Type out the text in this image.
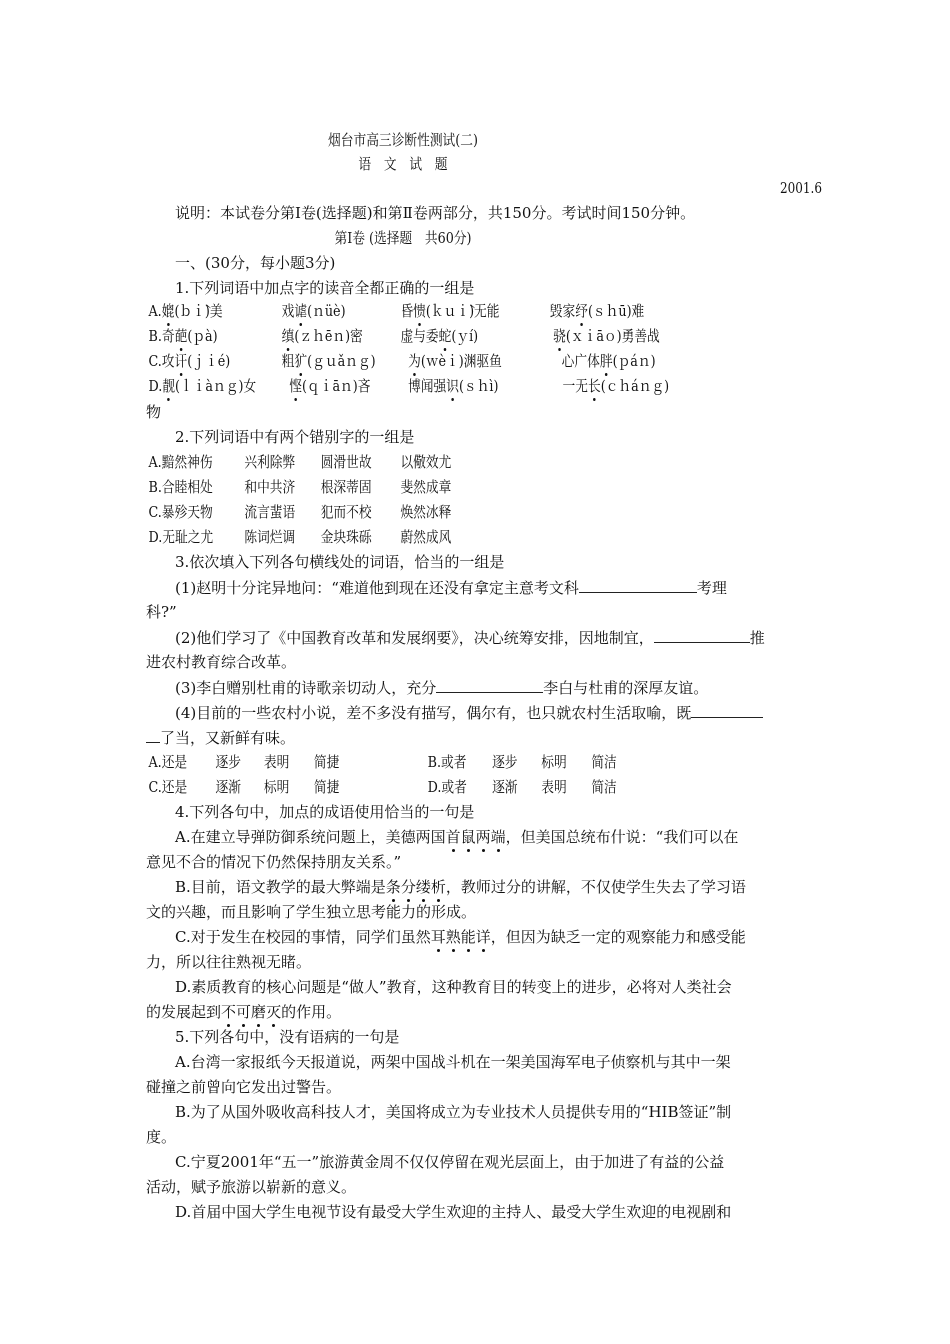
烟台市高三诊断性测试(二)
语　文　试　题
2001.6
说明：本试卷分第Ⅰ卷(选择题)和第Ⅱ卷两部分，共150分。考试时间150分钟。
第Ⅰ卷 (选择题　共60分)
一、(30分，每小题3分)
1.下列词语中加点字的读音全都正确的一组是
A.媲(ｂｉ̀)美	戏谑(ｎüè)	昏愦(ｋｕｉ̀)无能	毁家纾(ｓｈū)难
B.奇葩(ｐà)	缜(ｚｈēｎ)密	虚与委蛇(ｙí)	骁(ｘｉāｏ)勇善战
C.攻讦(ｊｉé)	粗犷(ｇｕǎｎｇ) 为(ｗèｉ)渊驱鱼	心广体胖(ｐáｎ)
D.靓(ｌｉàｎｇ)女 悭(ｑｉāｎ)吝	博闻强识(ｓｈì)	一无长(ｃｈáｎｇ)
物
2.下列词语中有两个错别字的一组是
A.黯然神伤 兴利除弊 圆滑世故 以儆效尤
B.合睦相处 和中共济 根深蒂固 斐然成章
C.暴殄天物 流言蜚语 犯而不校 焕然冰释
D.无耻之尤 陈词烂调 金块珠砾 蔚然成风
3.依次填入下列各句横线处的词语，恰当的一组是
(1)赵明十分诧异地问：“难道他到现在还没有拿定主意考文科	考理
科?”
(2)他们学习了《中国教育改革和发展纲要》，决心统筹安排，因地制宜，	推
进农村教育综合改革。
(3)李白赠别杜甫的诗歌亲切动人，充分	李白与杜甫的深厚友谊。
(4)目前的一些农村小说，差不多没有描写，偶尔有，也只就农村生活取喻，既
了当，又新鲜有味。
A.还是 逐步 表明 简捷	B.或者 逐步 标明 简洁
C.还是 逐渐 标明 简捷	D.或者 逐渐 表明 简洁
4.下列各句中，加点的成语使用恰当的一句是
A.在建立导弹防御系统问题上，美德两国首鼠两端，但美国总统布什说：“我们可以在
意见不合的情况下仍然保持朋友关系。”
B.目前，语文教学的最大弊端是条分缕析，教师过分的讲解，不仅使学生失去了学习语
文的兴趣，而且影响了学生独立思考能力的形成。
C.对于发生在校园的事情，同学们虽然耳熟能详，但因为缺乏一定的观察能力和感受能
力，所以往往熟视无睹。
D.素质教育的核心问题是“做人”教育，这种教育目的转变上的进步，必将对人类社会
的发展起到不可磨灭的作用。
5.下列各句中，没有语病的一句是
A.台湾一家报纸今天报道说，两架中国战斗机在一架美国海军电子侦察机与其中一架
碰撞之前曾向它发出过警告。
B.为了从国外吸收高科技人才，美国将成立为专业技术人员提供专用的“HIB签证”制
度。
C.宁夏2001年“五一”旅游黄金周不仅仅停留在观光层面上，由于加进了有益的公益
活动，赋予旅游以崭新的意义。
D.首届中国大学生电视节设有最受大学生欢迎的主持人、最受大学生欢迎的电视剧和
